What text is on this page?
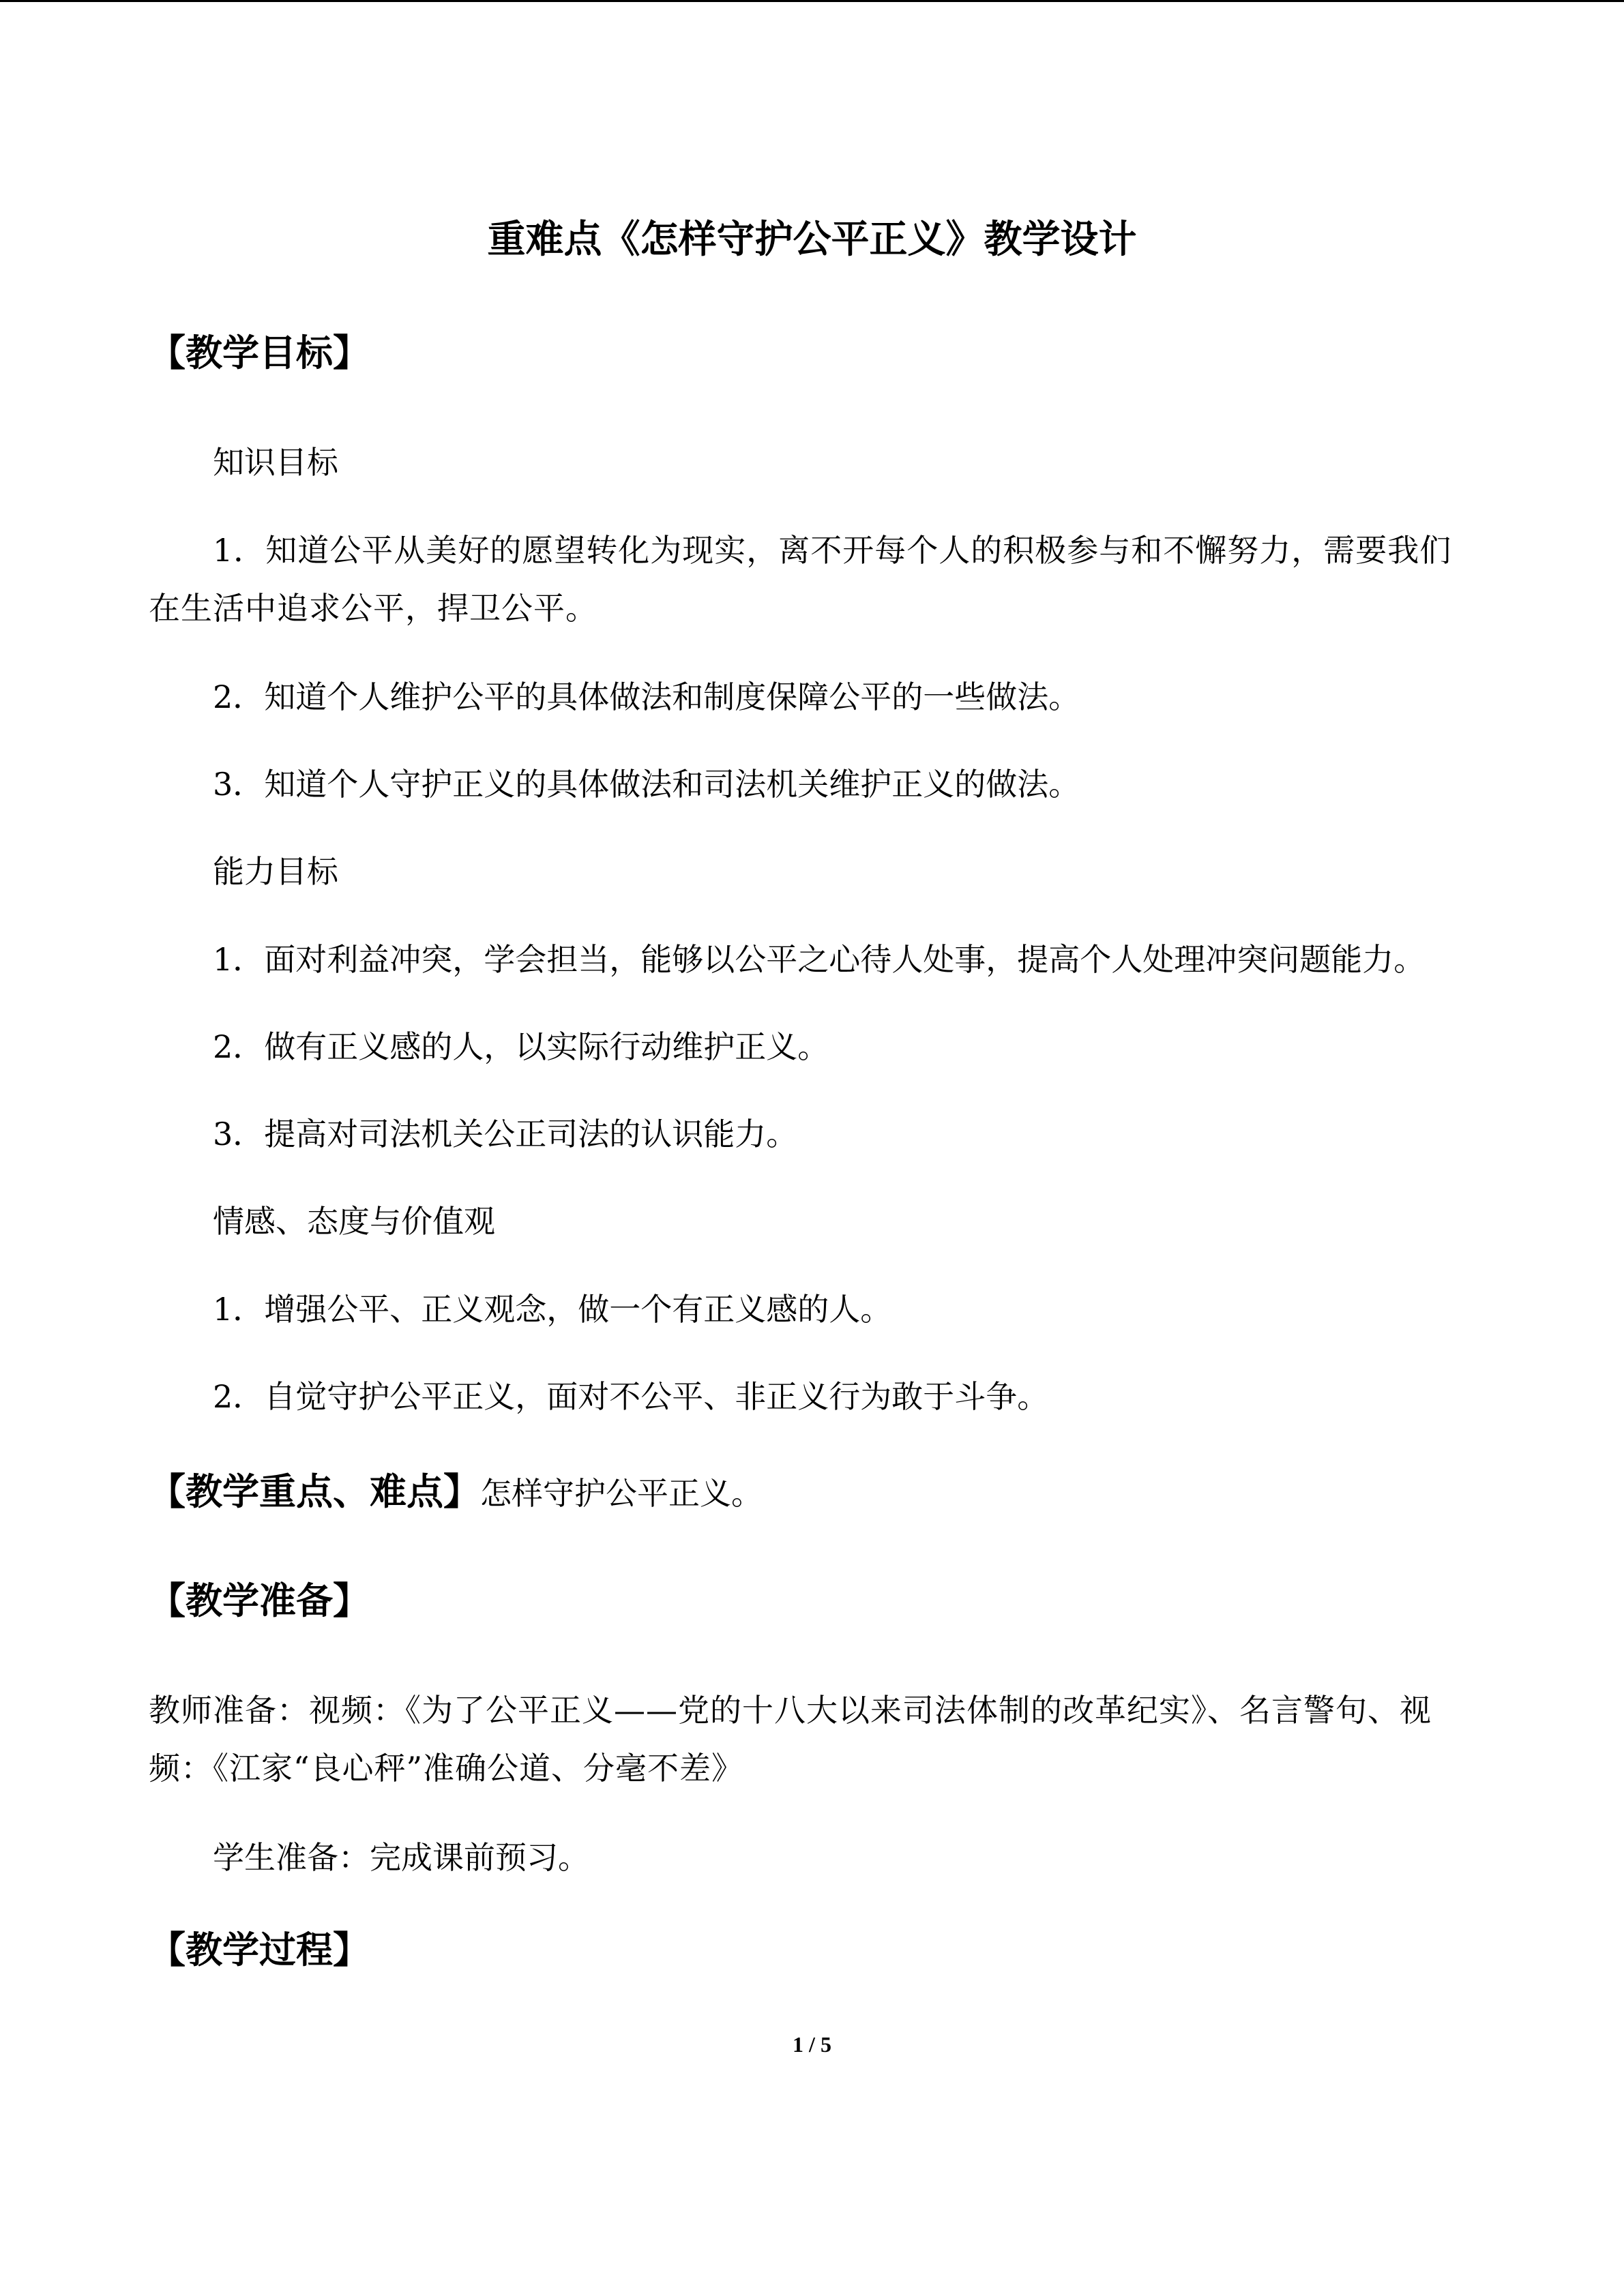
重难点《怎样守护公平正义》教学设计
【教学目标】
知识目标
1．知道公平从美好的愿望转化为现实，离不开每个人的积极参与和不懈努力，需要我们在生活中追求公平，捍卫公平。
2．知道个人维护公平的具体做法和制度保障公平的一些做法。
3．知道个人守护正义的具体做法和司法机关维护正义的做法。
能力目标
1．面对利益冲突，学会担当，能够以公平之心待人处事，提高个人处理冲突问题能力。
2．做有正义感的人，以实际行动维护正义。
3．提高对司法机关公正司法的认识能力。
情感、态度与价值观
1．增强公平、正义观念，做一个有正义感的人。
2．自觉守护公平正义，面对不公平、非正义行为敢于斗争。
【教学重点、难点】怎样守护公平正义。
【教学准备】
教师准备：视频：《为了公平正义——党的十八大以来司法体制的改革纪实》、名言警句、视频：《江家“良心秤”准确公道、分毫不差》
学生准备：完成课前预习。
【教学过程】
1 / 5
